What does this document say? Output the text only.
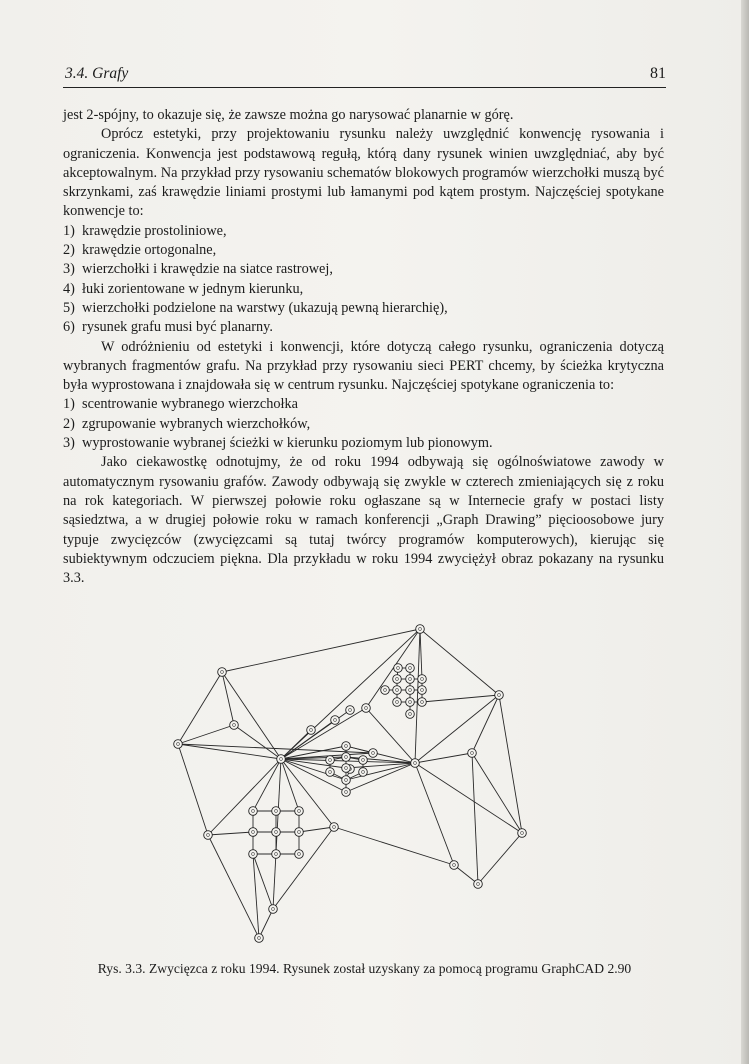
3.4. Grafy	81

jest 2-spójny, to okazuje się, że zawsze można go narysować planarnie w górę.

Oprócz estetyki, przy projektowaniu rysunku należy uwzględnić konwencję rysowania i ograniczenia. Konwencja jest podstawową regułą, którą dany rysunek winien uwzględniać, aby być akceptowalnym. Na przykład przy rysowaniu schematów blokowych programów wierzchołki muszą być skrzynkami, zaś krawędzie liniami prostymi lub łamanymi pod kątem prostym. Najczęściej spotykane konwencje to:

1) krawędzie prostoliniowe,
2) krawędzie ortogonalne,
3) wierzchołki i krawędzie na siatce rastrowej,
4) łuki zorientowane w jednym kierunku,
5) wierzchołki podzielone na warstwy (ukazują pewną hierarchię),
6) rysunek grafu musi być planarny.

W odróżnieniu od estetyki i konwencji, które dotyczą całego rysunku, ograniczenia dotyczą wybranych fragmentów grafu. Na przykład przy rysowaniu sieci PERT chcemy, by ścieżka krytyczna była wyprostowana i znajdowała się w centrum rysunku. Najczęściej spotykane ograniczenia to:

1) scentrowanie wybranego wierzchołka
2) zgrupowanie wybranych wierzchołków,
3) wyprostowanie wybranej ścieżki w kierunku poziomym lub pionowym.

Jako ciekawostkę odnotujmy, że od roku 1994 odbywają się ogólnoświatowe zawody w automatycznym rysowaniu grafów. Zawody odbywają się zwykle w czterech zmieniających się z roku na rok kategoriach. W pierwszej połowie roku ogłaszane są w Internecie grafy w postaci listy sąsiedztwa, a w drugiej połowie roku w ramach konferencji „Graph Drawing” pięcioosobowe jury typuje zwycięzców (zwycięzcami są tutaj twórcy programów komputerowych), kierując się subiektywnym odczuciem piękna. Dla przykładu w roku 1994 zwyciężył obraz pokazany na rysunku 3.3.

Rys. 3.3. Zwycięzca z roku 1994. Rysunek został uzyskany za pomocą programu GraphCAD 2.90
